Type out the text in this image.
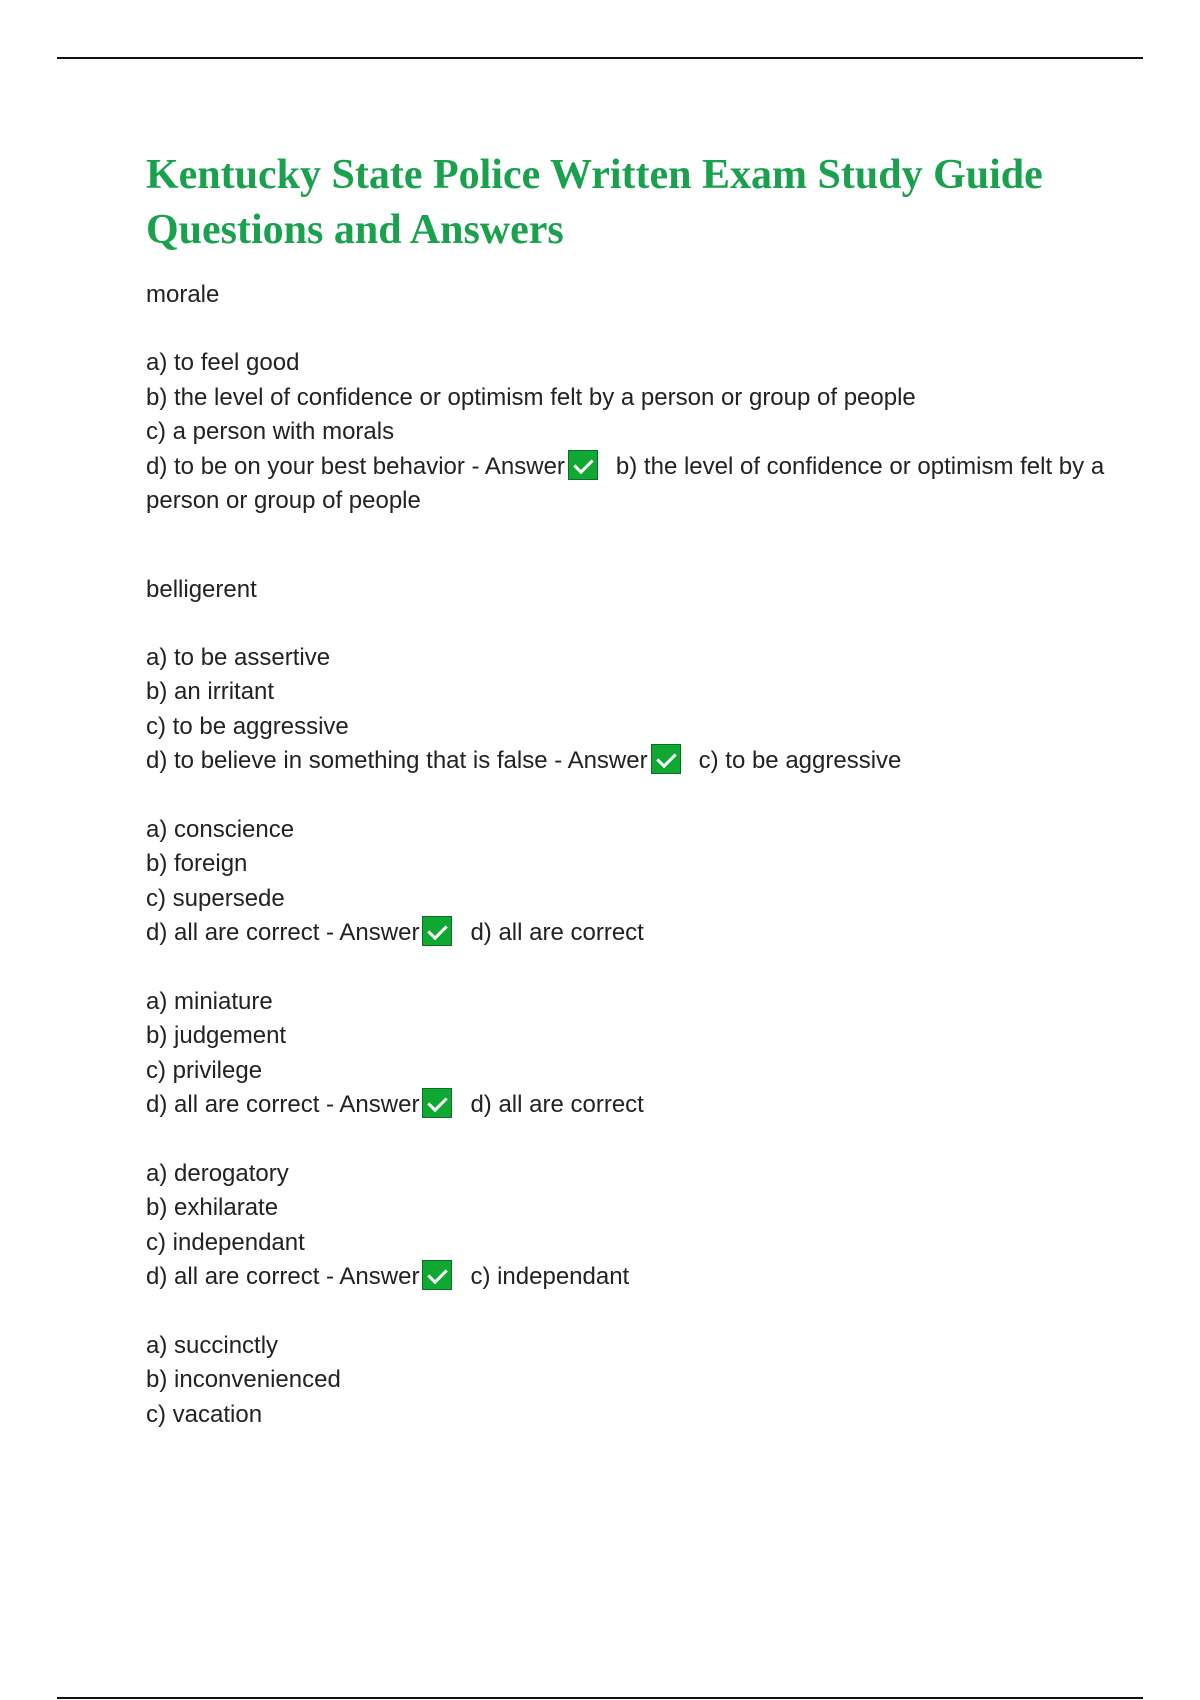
Kentucky State Police Written Exam Study Guide Questions and Answers

morale

a) to feel good

b) the level of confidence or optimism felt by a person or group of people

c) a person with morals

d) to be on your best behavior - Answer b) the level of confidence or optimism felt by a person or group of people

belligerent

a) to be assertive

b) an irritant

c) to be aggressive

d) to believe in something that is false - Answer c) to be aggressive

a) conscience

b) foreign

c) supersede

d) all are correct - Answer d) all are correct

a) miniature

b) judgement

c) privilege

d) all are correct - Answer d) all are correct

a) derogatory

b) exhilarate

c) independant

d) all are correct - Answer c) independant

a) succinctly

b) inconvenienced

c) vacation
